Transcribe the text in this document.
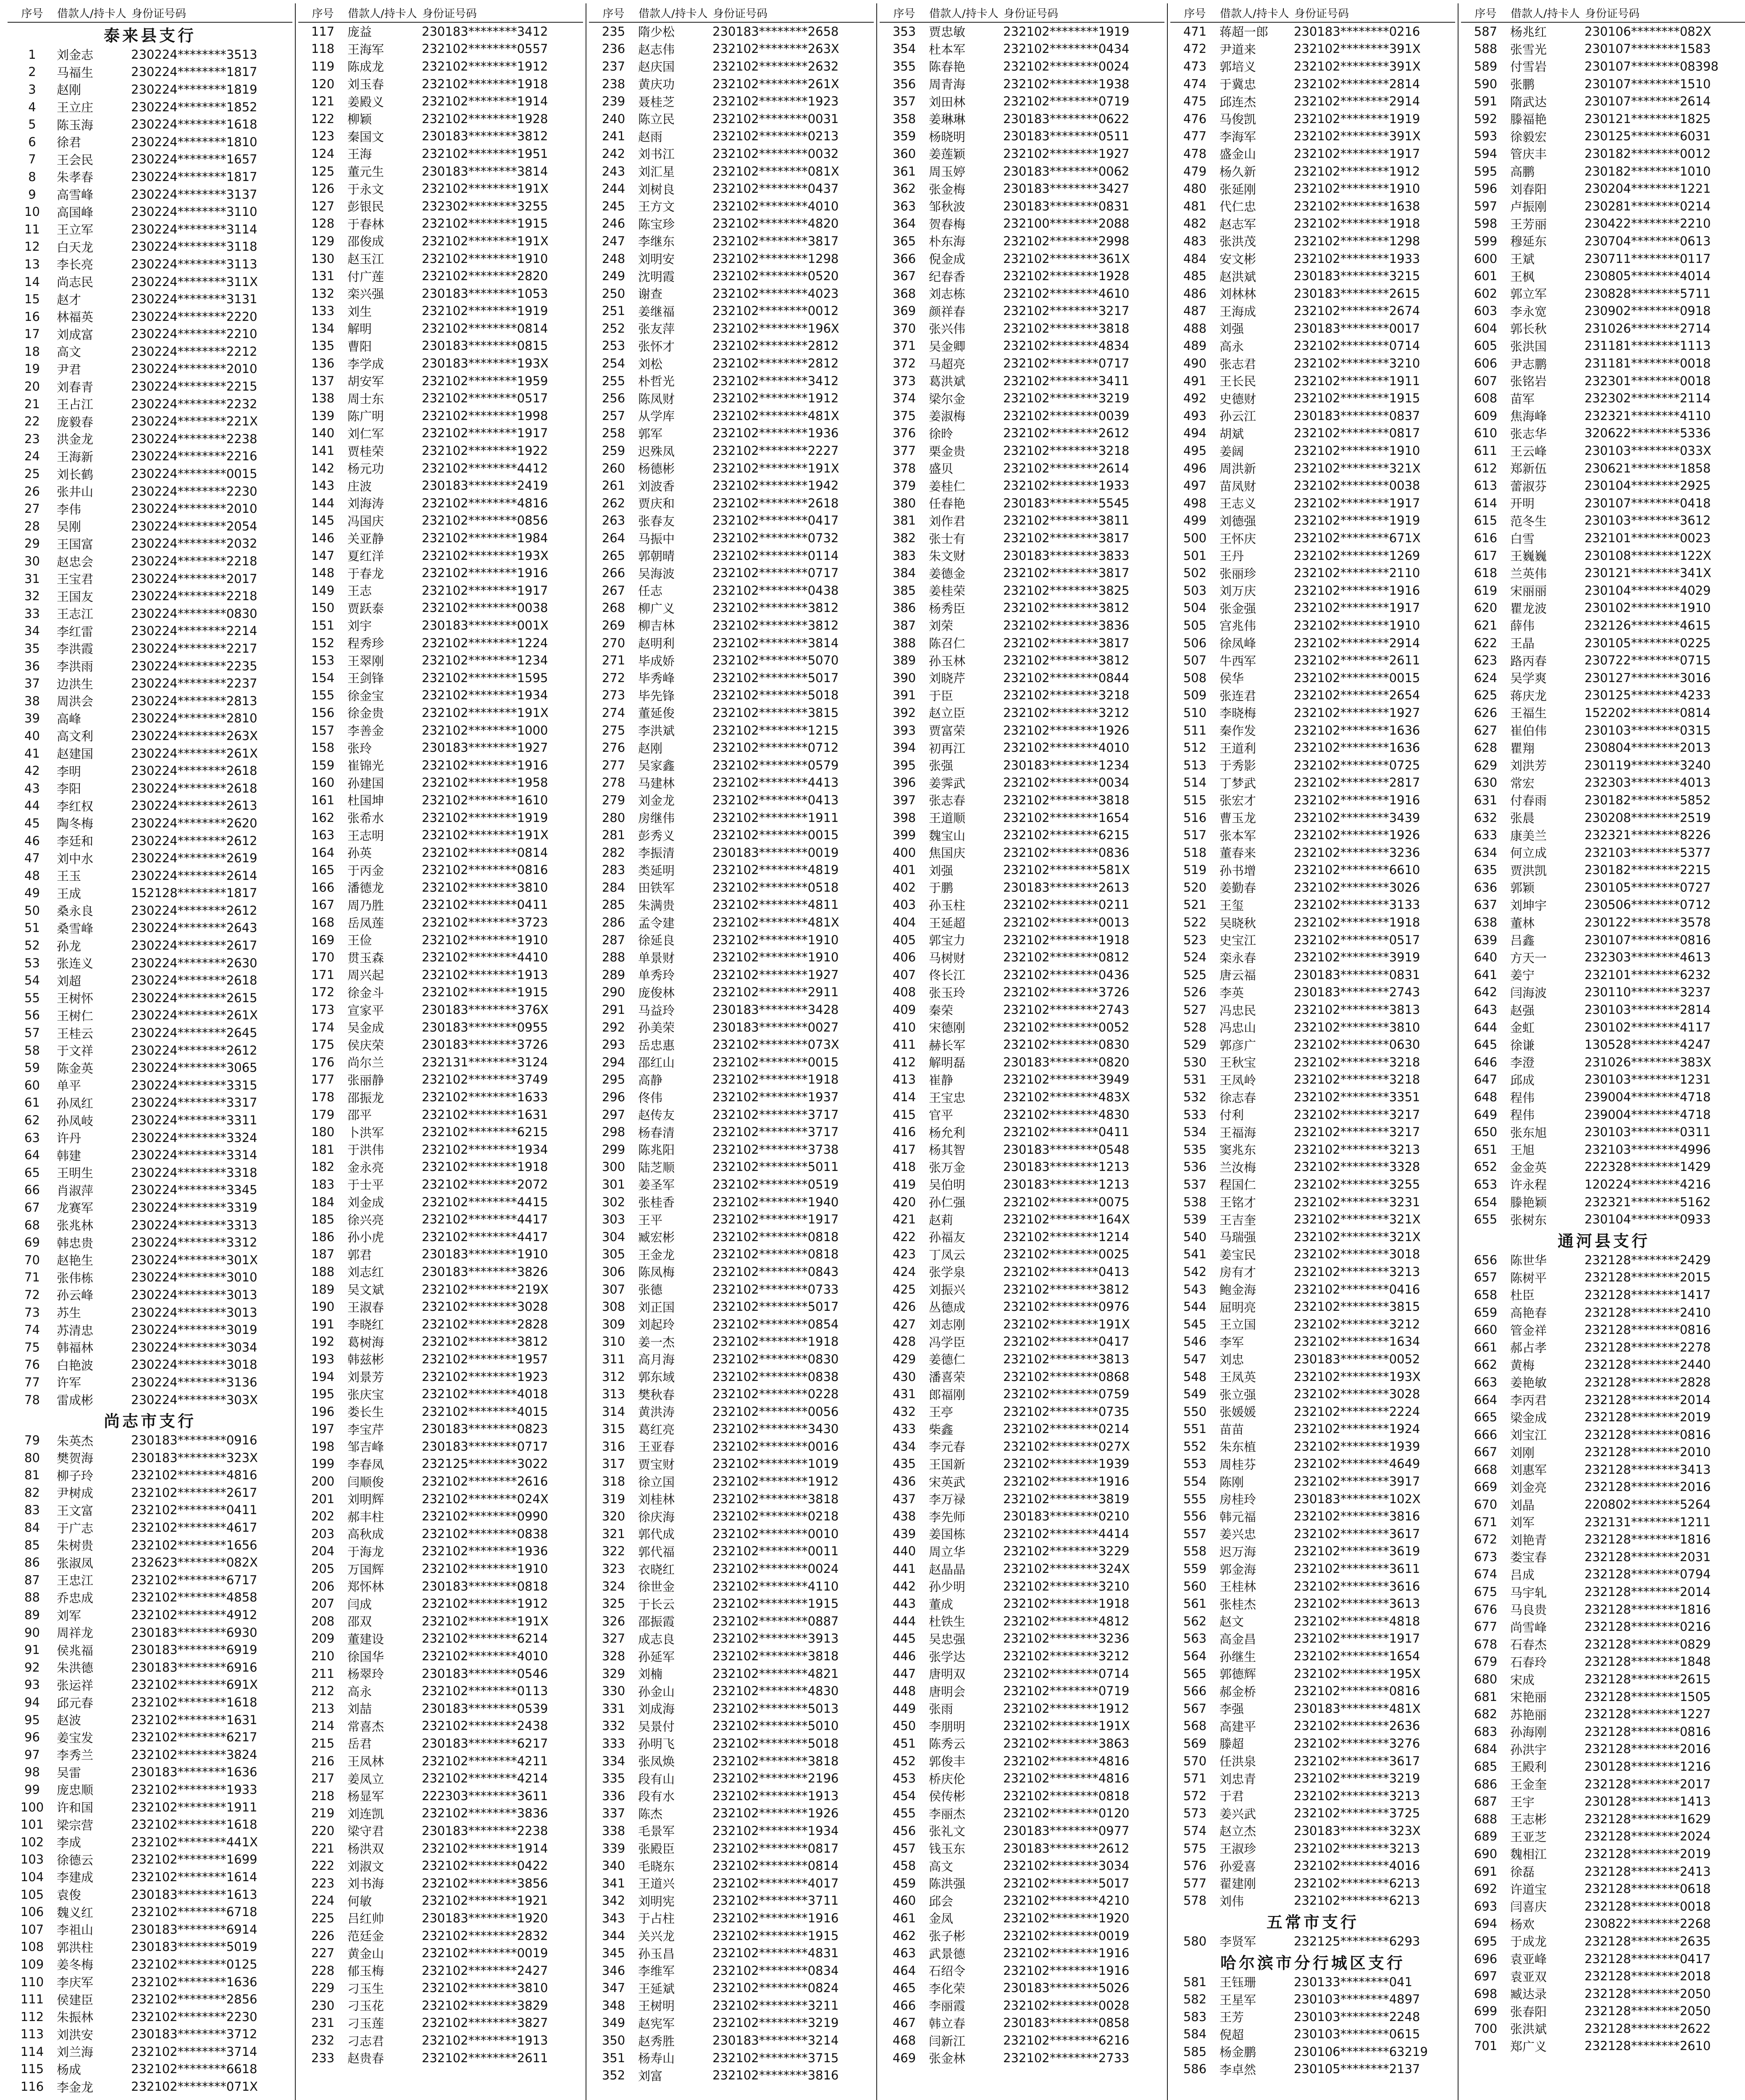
序号	借款人/持卡人	身份证号码
泰来县支行		
1	刘金志	230224********3513
2	马福生	230224********1817
3	赵刚	230224********1819
4	王立庄	230224********1852
5	陈玉海	230224********1618
6	徐君	230224********1810
7	王会民	230224********1657
8	朱孝春	230224********1817
9	高雪峰	230224********3137
10	高国峰	230224********3110
11	王立军	230224********3114
12	白天龙	230224********3118
13	李长亮	230224********3113
14	尚志民	230224********311X
15	赵才	230224********3131
16	林福英	230224********2220
17	刘成富	230224********2210
18	高文	230224********2212
19	尹君	230224********2010
20	刘春青	230224********2215
21	王占江	230224********2232
22	庞毅春	230224********221X
23	洪金龙	230224********2238
24	王海新	230224********2216
25	刘长鹤	230224********0015
26	张井山	230224********2230
27	李伟	230224********2010
28	吴刚	230224********2054
29	王国富	230224********2032
30	赵忠会	230224********2218
31	王宝君	230224********2017
32	王国友	230224********2218
33	王志江	230224********0830
34	李红雷	230224********2214
35	李洪霞	230224********2217
36	李洪雨	230224********2235
37	边洪生	230224********2237
38	周洪会	230224********2813
39	高峰	230224********2810
40	高文利	230224********263X
41	赵建国	230224********261X
42	李明	230224********2618
43	李阳	230224********2618
44	李红权	230224********2613
45	陶冬梅	230224********2620
46	李廷和	230224********2612
47	刘中水	230224********2619
48	王玉	230224********2614
49	王成	152128********1817
50	桑永良	230224********2612
51	桑雪峰	230224********2643
52	孙龙	230224********2617
53	张连义	230224********2630
54	刘超	230224********2618
55	王树怀	230224********2615
56	王树仁	230224********261X
57	王桂云	230224********2645
58	于文祥	230224********2612
59	陈金英	230224********3065
60	单平	230224********3315
61	孙凤红	230224********3317
62	孙凤岐	230224********3311
63	许丹	230224********3324
64	韩建	230224********3314
65	王明生	230224********3318
66	肖淑萍	230224********3345
67	龙赛军	230224********3319
68	张兆林	230224********3313
69	韩忠贵	230224********3312
70	赵艳生	230224********301X
71	张伟栋	230224********3010
72	孙云峰	230224********3013
73	苏生	230224********3013
74	苏清忠	230224********3019
75	韩福林	230224********3034
76	白艳波	230224********3018
77	许军	230224********3136
78	雷成彬	230224********303X
尚志市支行		
79	朱英杰	230183********0916
80	樊贺海	230183********323X
81	柳子玲	232102********4816
82	尹树成	232102********2617
83	王文富	232102********0411
84	于广志	232102********4617
85	朱树贵	232102********1656
86	张淑凤	232623********082X
87	王忠江	232102********6717
88	乔忠成	232102********4858
89	刘军	232102********4912
90	周祥龙	230183********6930
91	侯兆福	230183********6919
92	朱洪德	230183********6916
93	张运祥	232102********691X
94	邱元春	232102********1618
95	赵波	232102********1631
96	姜宝发	232102********6217
97	李秀兰	232102********3824
98	吴雷	230183********1636
99	庞忠顺	232102********1933
100	许和国	232102********1911
101	梁宗营	232102********1618
102	李成	232102********441X
103	徐德云	232102********1699
104	李建成	232102********1614
105	袁俊	230183********1613
106	魏义红	232102********6718
107	李祖山	230183********6914
108	郭洪柱	230183********5019
109	姜冬梅	232102********0125
110	李庆军	232102********1636
111	侯建臣	232102********2856
112	朱振林	232102********2230
113	刘洪安	230183********3712
114	刘兰海	232102********3714
115	杨成	232102********6618
116	李金龙	232102********071X
序号	借款人/持卡人	身份证号码
117	庞益	230183********3412
118	王海军	232102********0557
119	陈成龙	232102********1912
120	刘玉春	232102********1918
121	姜殿义	232102********1914
122	柳颖	232102********1928
123	秦国文	230183********3812
124	王海	232102********1951
125	董元生	230183********3814
126	于永文	232102********191X
127	彭银民	232302********3255
128	于春林	232102********1915
129	邵俊成	232102********191X
130	赵玉江	232102********1910
131	付广莲	232102********2820
132	栾兴强	230183********1053
133	刘生	232102********1919
134	解明	232102********0814
135	曹阳	230183********0815
136	李学成	230183********193X
137	胡安军	232102********1959
138	周士东	232102********0517
139	陈广明	232102********1998
140	刘仁军	232102********1917
141	贾桂荣	232102********1922
142	杨元功	232102********4412
143	庄波	230183********2419
144	刘海涛	232102********4816
145	冯国庆	232102********0856
146	关亚静	232102********1984
147	夏红洋	232102********193X
148	于春龙	232102********1916
149	王志	232102********1917
150	贾跃泰	232102********0038
151	刘宇	230183********001X
152	程秀珍	232102********1224
153	王翠刚	232102********1234
154	王剑锋	232102********1595
155	徐金宝	232102********1934
156	徐金贵	232102********191X
157	李善金	232102********1000
158	张玲	230183********1927
159	崔锦光	232102********1916
160	孙建国	232102********1958
161	杜国坤	232102********1610
162	张希水	232102********1919
163	王志明	232102********191X
164	孙英	232102********0814
165	于丙金	232102********0816
166	潘德龙	232102********3810
167	周乃胜	232102********0411
168	岳凤莲	232102********3723
169	王俭	232102********1910
170	贯玉森	232102********4410
171	周兴起	232102********1913
172	徐金斗	232102********1915
173	宣家平	230183********376X
174	吴金成	230183********0955
175	侯庆荣	230183********3726
176	尚尔兰	232131********3124
177	张丽静	232102********3749
178	邵振龙	232102********1633
179	邵平	232102********1631
180	卜洪军	232102********6215
181	于洪伟	232102********1934
182	金永亮	232102********1918
183	于士平	232102********2072
184	刘金成	232102********4415
185	徐兴亮	232102********4417
186	孙小虎	232102********4417
187	郭君	230183********1910
188	刘志红	230183********3826
189	吴文斌	232102********219X
190	王淑春	232102********3028
191	李晓红	232102********2828
192	葛树海	232102********3812
193	韩兹彬	232102********1957
194	刘景芳	232102********1923
195	张庆宝	232102********4018
196	娄长生	232102********4015
197	李宝芹	230183********0823
198	邹吉峰	230183********0717
199	李春凤	232125********3022
200	闫顺俊	232102********2616
201	刘明辉	232102********024X
202	郝丰柱	232102********0990
203	高秋成	232102********0838
204	于海龙	232102********1936
205	万国辉	232102********1910
206	郑怀林	230183********0818
207	闫成	232102********1912
208	邵双	232102********191X
209	董建设	232102********6214
210	徐国华	232102********4010
211	杨翠玲	230183********0546
212	高永	232102********0113
213	刘喆	230183********0539
214	常喜杰	232102********2438
215	岳君	230183********6217
216	王凤林	232102********4211
217	姜凤立	232102********4214
218	杨显军	222303********3611
219	刘连凯	232102********3836
220	梁守君	230183********2238
221	杨洪双	232102********1914
222	刘淑文	232102********0422
223	刘书海	232102********3856
224	何敏	232102********1921
225	吕红帅	230183********1920
226	范廷金	232102********2832
227	黄金山	232102********0019
228	郁玉梅	232102********2427
229	刁玉生	232102********3810
230	刁玉花	232102********3829
231	刁玉莲	232102********3827
232	刁志君	232102********1913
233	赵贵春	232102********2611
序号	借款人/持卡人	身份证号码
235	隋少松	230183********2658
236	赵志伟	232102********263X
237	赵庆国	232102********2632
238	黄庆功	232102********261X
239	聂桂芝	232102********1923
240	陈立民	232102********0031
241	赵雨	232102********0213
242	刘书江	232102********0032
243	刘汇星	232102********081X
244	刘树良	232102********0437
245	王方文	232102********4010
246	陈宝珍	232102********4820
247	李继东	232102********3817
248	刘明安	232102********1298
249	沈明霞	232102********0520
250	谢查	232102********4023
251	姜继福	232102********0012
252	张友萍	232102********196X
253	张怀才	232102********2812
254	刘松	232102********2812
255	朴哲光	232102********3412
256	陈凤财	232102********1912
257	从学库	232102********481X
258	郭军	232102********1936
259	迟殊凤	232102********2227
260	杨德彬	232102********191X
261	刘波香	232102********1942
262	贾庆和	232102********2618
263	张春友	232102********0417
264	马振中	232102********0732
265	郭朝晴	232102********0114
266	吴海波	232102********0717
267	任志	232102********0438
268	柳广义	232102********3812
269	柳吉林	232102********3812
270	赵明利	232102********3814
271	毕成娇	232102********5070
272	毕秀峰	232102********5017
273	毕先锋	232102********5018
274	董延俊	232102********3815
275	李洪斌	232102********1215
276	赵刚	232102********0712
277	吴家鑫	232102********0579
278	马建林	232102********4413
279	刘金龙	232102********0413
280	房继伟	232102********1911
281	彭秀义	232102********0015
282	李振清	230183********0019
283	类延明	232102********4819
284	田铁军	232102********0518
285	朱满贵	232102********4811
286	孟令建	232102********481X
287	徐延良	232102********1910
288	单景财	232102********1910
289	单秀玲	232102********1927
290	庞俊林	232102********2911
291	马益玲	230183********3428
292	孙美荣	230183********0027
293	岳忠惠	232102********073X
294	邵红山	232102********0015
295	高静	232102********1918
296	佟伟	232102********1937
297	赵传友	232102********3717
298	杨春清	232102********3717
299	陈兆阳	232102********3738
300	陆芝顺	232102********5011
301	姜圣军	232102********0519
302	张桂香	232102********1940
303	王平	232102********1917
304	臧宏彬	232102********0818
305	王金龙	232102********0818
306	陈凤梅	232102********0843
307	张德	232102********0733
308	刘正国	232102********5017
309	刘起玲	232102********0854
310	姜一杰	232102********1918
311	高月海	232102********0830
312	郭东域	232102********0838
313	樊秋春	232102********0228
314	黄洪涛	232102********0056
315	葛红亮	232102********3430
316	王亚春	232102********0016
317	贾宝财	232102********1019
318	徐立国	232102********1912
319	刘桂林	232102********3818
320	徐庆海	232102********0218
321	郭代成	232102********0010
322	郭代福	232102********0011
323	衣晓红	232102********0024
324	徐世金	232102********4110
325	于长云	232102********1915
326	邵振霞	232102********0887
327	成志良	232102********3913
328	孙延军	232102********3818
329	刘楠	232102********4821
330	孙金山	232102********4830
331	刘成海	232102********5013
332	吴景付	232102********5010
333	孙明飞	232102********5018
334	张凤焕	232102********3818
335	段有山	232102********2196
336	段有水	232102********1913
337	陈杰	232102********1926
338	毛景军	232102********1934
339	张殿臣	232102********0817
340	毛晓东	232102********0814
341	王道兴	232102********4017
342	刘明宪	232102********3711
343	于占柱	232102********1916
344	关兴龙	232102********1915
345	孙玉昌	232102********4831
346	李维军	232102********0834
347	王延斌	232102********0824
348	王树明	232102********3211
349	赵宪军	232102********3219
350	赵秀胜	230183********3214
351	杨寿山	232102********3715
352	刘富	232102********3816
序号	借款人/持卡人	身份证号码
353	贾忠敏	232102********1919
354	杜本军	232102********0434
355	陈春艳	232102********0024
356	周青海	232102********1938
357	刘田林	232102********0719
358	姜琳琳	230183********0622
359	杨晓明	230183********0511
360	姜莲颖	232102********1927
361	周玉婷	230183********0062
362	张金梅	230183********3427
363	邹秋波	230183********0831
364	贺春梅	232100********2088
365	朴东海	232102********2998
366	倪金成	232102********361X
367	纪春香	232102********1928
368	刘志栋	232102********4610
369	颜祥春	232102********3217
370	张兴伟	232102********3818
371	吴金卿	232102********4834
372	马超亮	232102********0717
373	葛洪斌	232102********3411
374	梁尔金	232102********3219
375	姜淑梅	232102********0039
376	徐昤	232102********2612
377	栗金贵	232102********3218
378	盛贝	232102********2614
379	姜桂仁	232102********1933
380	任春艳	230183********5545
381	刘作君	232102********3811
382	张士有	232102********3817
383	朱文财	230183********3833
384	姜德金	232102********3817
385	姜桂荣	232102********3825
386	杨秀臣	232102********3812
387	刘荣	232102********3836
388	陈召仁	232102********3817
389	孙玉林	232102********3812
390	刘晓芹	232102********0844
391	于臣	232102********3218
392	赵立臣	232102********3212
393	贾富荣	232102********1926
394	初再江	232102********4010
395	张强	230183********1234
396	姜霁武	232102********0034
397	张志春	232102********3818
398	王道顺	232102********1654
399	魏宝山	232102********6215
400	焦国庆	232102********0836
401	刘强	232102********581X
402	于鹏	230183********2613
403	孙玉柱	232102********0211
404	王延超	232102********0013
405	郭宝力	232102********1918
406	马树财	232102********0812
407	佟长江	232102********0436
408	张玉玲	232102********3726
409	秦荣	232102********2743
410	宋德刚	232102********0052
411	赫长军	232102********0830
412	解明磊	230183********0820
413	崔静	232102********3949
414	王宝忠	232102********483X
415	官平	232102********4830
416	杨允利	232102********0411
417	杨其智	230183********0548
418	张万金	230183********1213
419	吴伯明	230183********1213
420	孙仁强	232102********0075
421	赵莉	232102********164X
422	孙福友	232102********1214
423	丁凤云	232102********0025
424	张学泉	232102********0413
425	刘振兴	232102********3812
426	丛德成	232102********0976
427	刘志刚	232102********191X
428	冯学臣	232102********0417
429	姜德仁	232102********3813
430	潘喜荣	232102********0868
431	郎福刚	232102********0759
432	王亭	232102********0735
433	柴鑫	232102********0214
434	李元春	232102********027X
435	王国新	232102********1939
436	宋英武	232102********1916
437	李万禄	232102********3819
438	李先师	230183********0210
439	姜国栋	232102********4414
440	周立华	232102********3229
441	赵晶晶	232102********324X
442	孙少明	232102********3210
443	董成	232102********1918
444	杜铁生	232102********4812
445	吴忠强	232102********3236
446	张学达	232102********3212
447	唐明双	232102********0714
448	唐明会	232102********0719
449	张雨	232102********1912
450	李朋明	232102********191X
451	陈秀云	232102********3863
452	郭俊丰	232102********4816
453	桥庆伦	232102********4816
454	侯传彬	232102********0818
455	李丽杰	232102********0120
456	张礼文	230183********0977
457	钱玉东	230183********2612
458	高文	232102********3034
459	陈洪强	232102********5017
460	邱会	232102********4210
461	金凤	232102********1920
462	张子彬	232102********0019
463	武景德	232102********1916
464	石绍令	232102********1916
465	李化荣	230183********5026
466	李丽霞	232102********0028
467	韩立春	230183********0858
468	闫新江	232102********6216
469	张金林	232102********2733
序号	借款人/持卡人	身份证号码
471	蒋超一郎	230183********0216
472	尹道来	232102********391X
473	郭培义	232102********391X
474	于冀忠	232102********2814
475	邱连杰	232102********2914
476	马俊凯	232102********1919
477	李海军	232102********391X
478	盛金山	232102********1917
479	杨久新	232102********1912
480	张延刚	232102********1910
481	代仁忠	232102********1638
482	赵志军	232102********1918
483	张洪茂	232102********1298
484	安文彬	232102********1933
485	赵洪斌	230183********3215
486	刘林林	230183********2615
487	王海成	232102********2674
488	刘强	230183********0017
489	高永	232102********0714
490	张志君	232102********3210
491	王长民	232102********1911
492	史德财	232102********1915
493	孙云江	230183********0837
494	胡斌	232102********0817
495	姜阔	232102********1910
496	周洪新	232102********321X
497	苗凤财	232102********0038
498	王志义	232102********1917
499	刘德强	232102********1919
500	王怀庆	232102********671X
501	王丹	232102********1269
502	张丽珍	232102********2110
503	刘万庆	232102********1916
504	张金强	232102********1917
505	宫兆伟	232102********1910
506	徐凤峰	232102********2914
507	牛西军	232102********2611
508	侯华	232102********0015
509	张连君	232102********2654
510	李晓梅	232102********1927
511	秦作发	232102********1636
512	王道利	232102********1636
513	于秀影	232102********0725
514	丁梦武	232102********2817
515	张宏才	232102********1916
516	曹玉龙	232102********3439
517	张本军	232102********1926
518	董春来	232102********3236
519	孙书增	232102********6610
520	姜勤春	232102********3026
521	王玺	232102********3133
522	吴晓秋	232102********1918
523	史宝江	232102********0517
524	栾永春	232102********3919
525	唐云福	230183********0831
526	李英	230183********2743
527	冯忠民	232102********3813
528	冯忠山	232102********3810
529	郭彦广	232102********0630
530	王秋宝	232102********3218
531	王凤岭	232102********3218
532	徐志春	232102********3351
533	付利	232102********3217
534	王福海	232102********3217
535	窦兆东	232102********3213
536	兰汝梅	232102********3328
537	程国仁	232102********3255
538	王铭才	232102********3231
539	王吉奎	232102********321X
540	马瑞强	232102********321X
541	姜宝民	232102********3018
542	房有才	232102********3213
543	鲍金海	232102********0416
544	屈明亮	232102********3815
545	王立国	232102********3212
546	李军	232102********1634
547	刘忠	230183********0052
548	王凤英	232102********193X
549	张立强	232102********3028
550	张媛媛	232102********2224
551	苗苗	232102********1924
552	朱东植	232102********1939
553	周桂芬	232102********4649
554	陈刚	232102********3917
555	房桂玲	230183********102X
556	韩元福	232102********3816
557	姜兴忠	232102********3617
558	迟万海	232102********3619
559	郭金海	232102********3611
560	王桂林	232102********3616
561	张桂杰	232102********3613
562	赵文	232102********4818
563	高金昌	232102********1917
564	孙继生	232102********1654
565	郭德辉	232102********195X
566	郝金桥	232102********0816
567	李强	230183********481X
568	高建平	232102********2636
569	滕超	232102********3276
570	任洪泉	232102********3617
571	刘忠青	232102********3219
572	于君	232102********3213
573	姜兴武	232102********3725
574	赵立杰	230183********323X
575	王淑珍	232102********3213
576	孙爱喜	232102********4016
577	翟建刚	232102********6213
578	刘伟	232102********6213
五常市支行		
580	李贤军	232125********6293
哈尔滨市分行城区支行		
581	王钰珊	230133********041
582	王星军	230103********4897
583	王芳	230103********2248
584	倪超	230103********0615
585	杨金鹏	230106********63219
586	李卓然	230105********2137
序号	借款人/持卡人	身份证号码
587	杨兆红	230106********082X
588	张雪光	230107********1583
589	付雪岩	230107********08398
590	张鹏	230107********1510
591	隋武达	230107********2614
592	滕福艳	230121********1825
593	徐毅宏	230125********6031
594	管庆丰	230182********0012
595	高鹏	230182********1010
596	刘春阳	230204********1221
597	卢振刚	230281********0214
598	王芳丽	230422********2210
599	穆延东	230704********0613
600	王斌	230711********0117
601	王枫	230805********4014
602	郭立军	230828********5711
603	李永宽	230902********0918
604	郭长秋	231026********2714
605	张洪国	231181********1113
606	尹志鹏	231181********0018
607	张铭岩	232301********0018
608	苗军	232302********2114
609	焦海峰	232321********4110
610	张志华	320622********5336
611	王云峰	230103********033X
612	郑新伍	230621********1858
613	蕾淑芬	230104********2925
614	开明	230107********0418
615	范冬生	230103********3612
616	白雪	232101********0023
617	王巍巍	230108********122X
618	兰英伟	230121********341X
619	宋丽丽	230104********4029
620	瞿龙波	230102********1910
621	薛伟	232126********4615
622	王晶	230105********0225
623	路丙春	230722********0715
624	吴学爽	230127********3016
625	蒋庆龙	230125********4233
626	王福生	152202********0814
627	崔伯伟	230103********0315
628	瞿翔	230804********2013
629	刘洪芳	230119********3240
630	常宏	232303********4013
631	付春雨	230182********5852
632	张晨	230208********2519
633	康美兰	232321********8226
634	何立成	232103********5377
635	贾洪凯	230182********2215
636	郭颖	230105********0727
637	刘坤宇	230506********0712
638	董林	230122********3578
639	吕鑫	230107********0816
640	方天一	232303********4613
641	姜宁	232101********6232
642	闫海波	230110********3237
643	赵强	230103********2814
644	金虹	230102********4117
645	徐谦	130528********4247
646	李澄	231026********383X
647	邱成	230103********1231
648	程伟	239004********4718
649	程伟	239004********4718
650	张东旭	230103********0311
651	王旭	232103********4996
652	金金英	222328********1429
653	许永程	120224********4216
654	滕艳颖	232321********5162
655	张树东	230104********0933
通河县支行		
656	陈世华	232128********2429
657	陈树平	232128********2015
658	杜臣	232128********1417
659	高艳春	232128********2410
660	管金祥	232128********0816
661	郝占孝	232128********2278
662	黄梅	232128********2440
663	姜艳敏	232128********2828
664	李丙君	232128********2014
665	梁金成	232128********2019
666	刘宝江	232128********0816
667	刘刚	232128********2010
668	刘惠军	232128********3413
669	刘金亮	232128********2016
670	刘晶	220802********5264
671	刘军	232131********1211
672	刘艳青	232128********1816
673	娄宝春	232128********2031
674	吕成	232128********0794
675	马宇轧	232128********2014
676	马良贵	232128********1816
677	尚雪峰	232128********0216
678	石春杰	232128********0829
679	石春玲	232128********1848
680	宋成	232128********2615
681	宋艳丽	232128********1505
682	苏艳丽	232128********1227
683	孙海刚	232128********0816
684	孙洪宇	232128********2016
685	王殿利	230128********1216
686	王金奎	232128********2017
687	王宇	230128********1413
688	王志彬	232128********1629
689	王亚芝	232128********2024
690	魏相江	232128********2019
691	徐磊	232128********2413
692	许道宝	232128********0618
693	闫喜庆	232128********0018
694	杨欢	230822********2268
695	于成龙	232128********2635
696	袁亚峰	232128********0417
697	袁亚双	232128********2018
698	臧达录	232128********2050
699	张春阳	232128********2050
700	张洪斌	232128********2622
701	郑广义	232128********2610
